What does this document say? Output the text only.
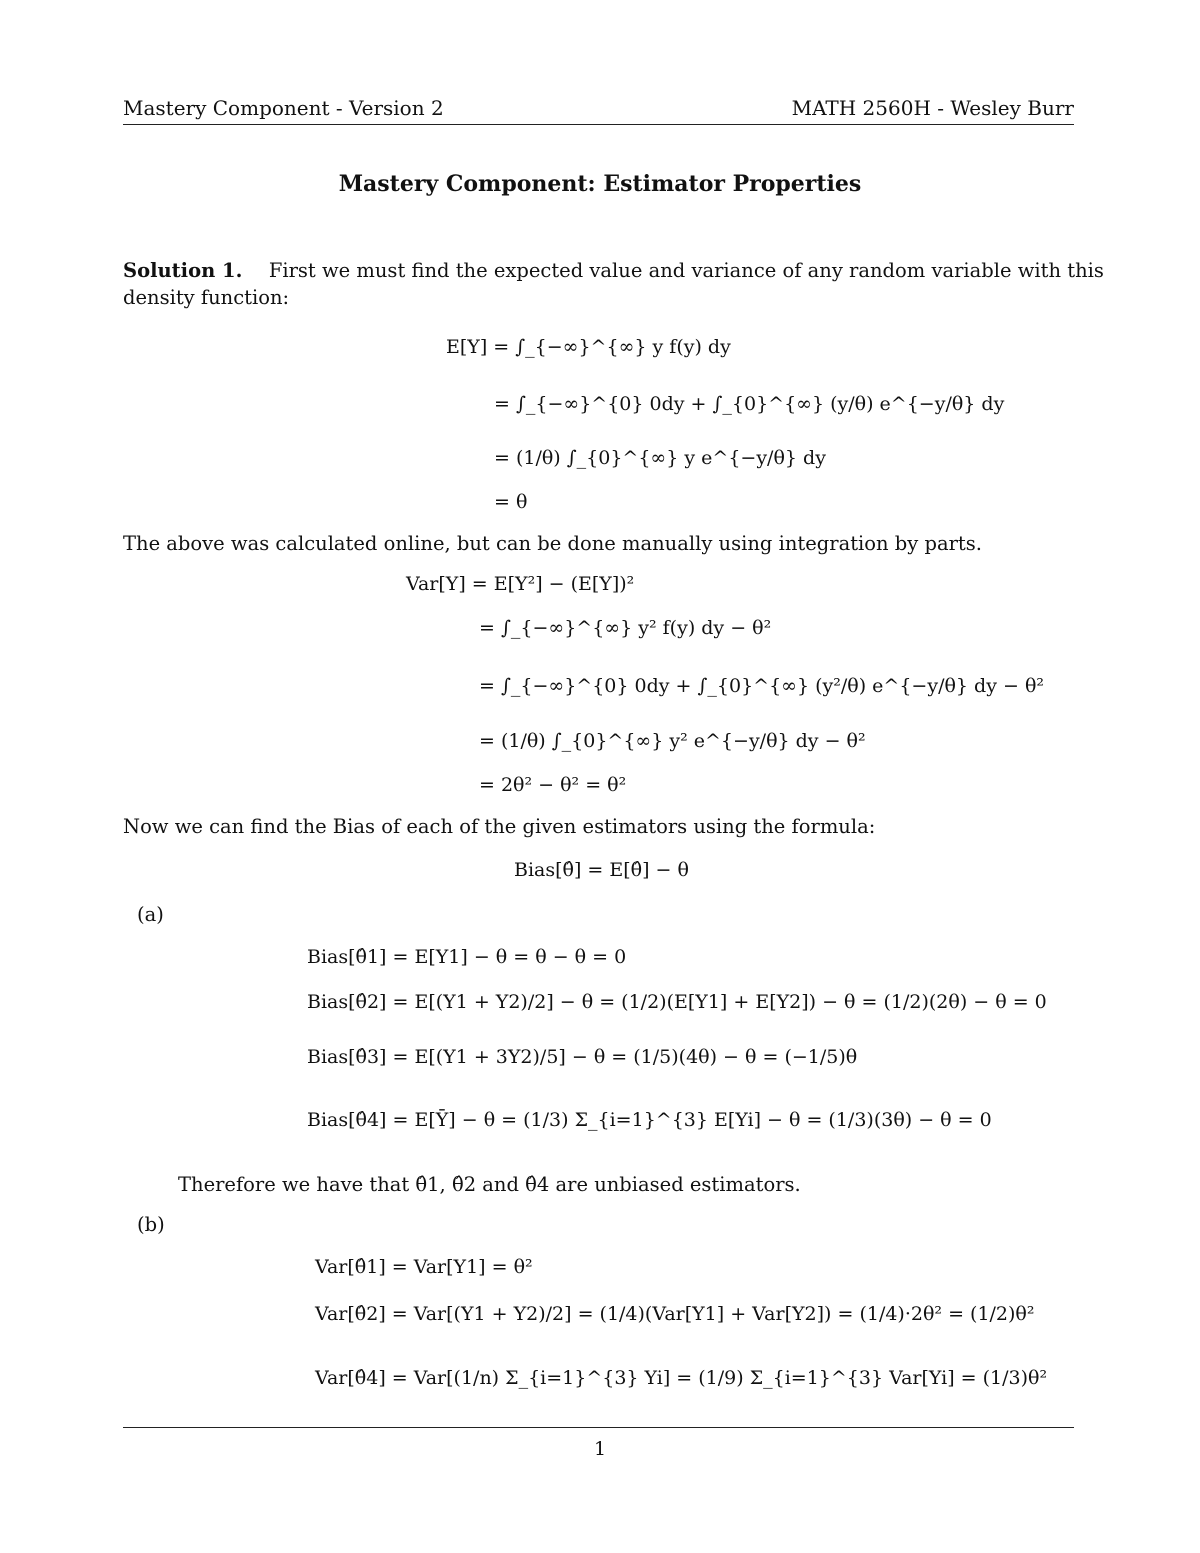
Mastery Component - Version 2	MATH 2560H - Wesley Burr
Mastery Component: Estimator Properties
Solution 1. First we must find the expected value and variance of any random variable with this
density function:
E[Y] = ∫_{−∞}^{∞} y f(y) dy
= ∫_{−∞}^{0} 0dy + ∫_{0}^{∞} (y/θ) e^{−y/θ} dy
= (1/θ) ∫_{0}^{∞} y e^{−y/θ} dy
= θ
Var[Y] = E[Y²] − (E[Y])²
= ∫_{−∞}^{∞} y² f(y) dy − θ²
= ∫_{−∞}^{0} 0dy + ∫_{0}^{∞} (y²/θ) e^{−y/θ} dy − θ²
= (1/θ) ∫_{0}^{∞} y² e^{−y/θ} dy − θ²
= 2θ² − θ² = θ²
Bias[θ̂] = E[θ̂] − θ
Bias[θ̂1] = E[Y1] − θ = θ − θ = 0
Bias[θ̂2] = E[(Y1 + Y2)/2] − θ = (1/2)(E[Y1] + E[Y2]) − θ = (1/2)(2θ) − θ = 0
Bias[θ̂3] = E[(Y1 + 3Y2)/5] − θ = (1/5)(4θ) − θ = (−1/5)θ
Bias[θ̂4] = E[Ȳ] − θ = (1/3) Σ_{i=1}^{3} E[Yi] − θ = (1/3)(3θ) − θ = 0
Var[θ̂1] = Var[Y1] = θ²
Var[θ̂2] = Var[(Y1 + Y2)/2] = (1/4)(Var[Y1] + Var[Y2]) = (1/4)·2θ² = (1/2)θ²
Var[θ̂4] = Var[(1/n) Σ_{i=1}^{3} Yi] = (1/9) Σ_{i=1}^{3} Var[Yi] = (1/3)θ²
The above was calculated online, but can be done manually using integration by parts.
Now we can find the Bias of each of the given estimators using the formula:
(a)
Therefore we have that θ̂1, θ̂2 and θ̂4 are unbiased estimators.
(b)
1
